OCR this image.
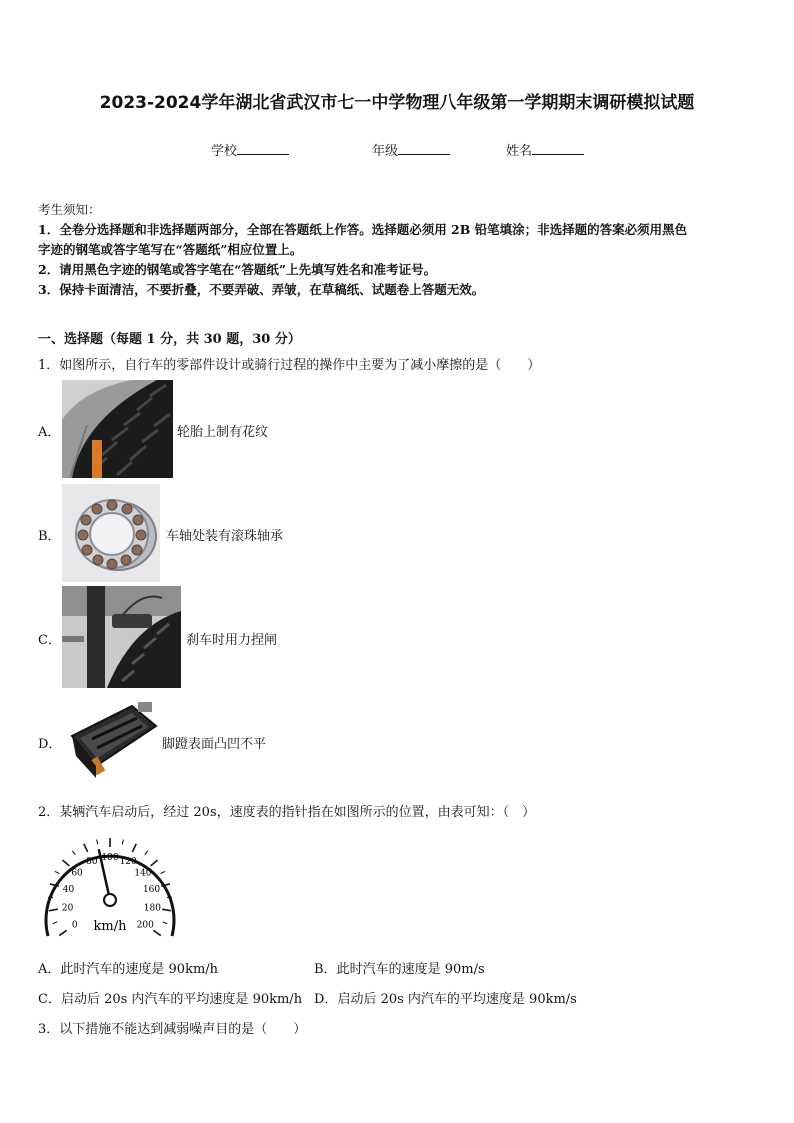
2023-2024学年湖北省武汉市七一中学物理八年级第一学期期末调研模拟试题
学校	年级	姓名
考生须知：
1．全卷分选择题和非选择题两部分，全部在答题纸上作答。选择题必须用 2B 铅笔填涂；非选择题的答案必须用黑色
字迹的钢笔或答字笔写在“答题纸”相应位置上。
2．请用黑色字迹的钢笔或答字笔在“答题纸”上先填写姓名和准考证号。
3．保持卡面清洁，不要折叠，不要弄破、弄皱，在草稿纸、试题卷上答题无效。
一、选择题（每题 1 分，共 30 题，30 分）
1．如图所示，自行车的零部件设计或骑行过程的操作中主要为了减小摩擦的是（　　）
A．	轮胎上制有花纹
B．	车轴处装有滚珠轴承
C．	刹车时用力捏闸
D．	脚蹬表面凸凹不平
2．某辆汽车启动后，经过 20s，速度表的指针指在如图所示的位置，由表可知：（　）
0
20
40
60
80 100 120
140
160
180
200
km/h
A．此时汽车的速度是 90km/h	B．此时汽车的速度是 90m/s
C．启动后 20s 内汽车的平均速度是 90km/h D．启动后 20s 内汽车的平均速度是 90km/s
3．以下措施不能达到减弱噪声目的是（　　）
